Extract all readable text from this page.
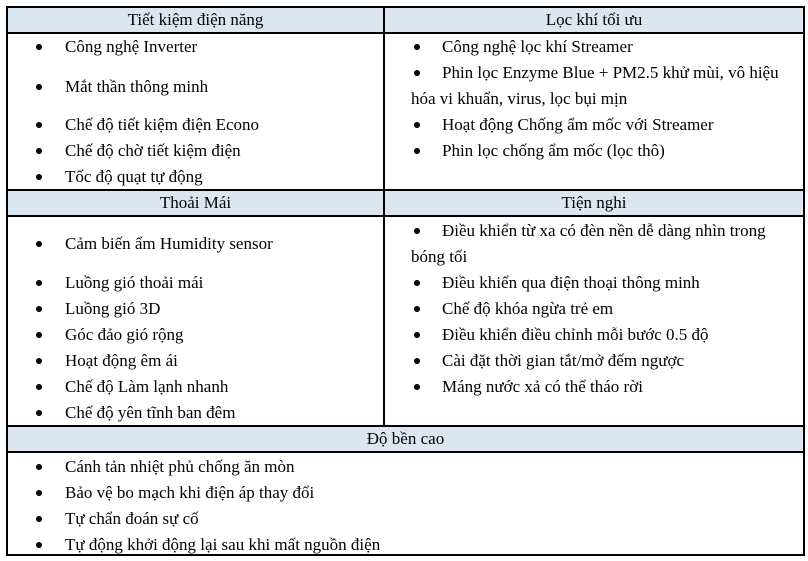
Tiết kiệm điện năng	Lọc khí tối ưu
Thoải Mái	Tiện nghi
Độ bền cao
Công nghệ Inverter
Mắt thần thông minh
Chế độ tiết kiệm điện Econo
Chế độ chờ tiết kiệm điện
Tốc độ quạt tự động
Công nghệ lọc khí Streamer
Phin lọc Enzyme Blue + PM2.5 khử mùi, vô hiệu hóa vi khuẩn, virus, lọc bụi mịn
Hoạt động Chống ẩm mốc với Streamer
Phin lọc chống ẩm mốc (lọc thô)
Cảm biến ẩm Humidity sensor
Luồng gió thoải mái
Luồng gió 3D
Góc đảo gió rộng
Hoạt động êm ái
Chế độ Làm lạnh nhanh
Chế độ yên tĩnh ban đêm
Điều khiển từ xa có đèn nền dễ dàng nhìn trong bóng tối
Điều khiển qua điện thoại thông minh
Chế độ khóa ngừa trẻ em
Điều khiển điều chỉnh mỗi bước 0.5 độ
Cài đặt thời gian tắt/mở đếm ngược
Máng nước xả có thể tháo rời
Cánh tản nhiệt phủ chống ăn mòn
Bảo vệ bo mạch khi điện áp thay đổi
Tự chẩn đoán sự cố
Tự động khởi động lại sau khi mất nguồn điện
